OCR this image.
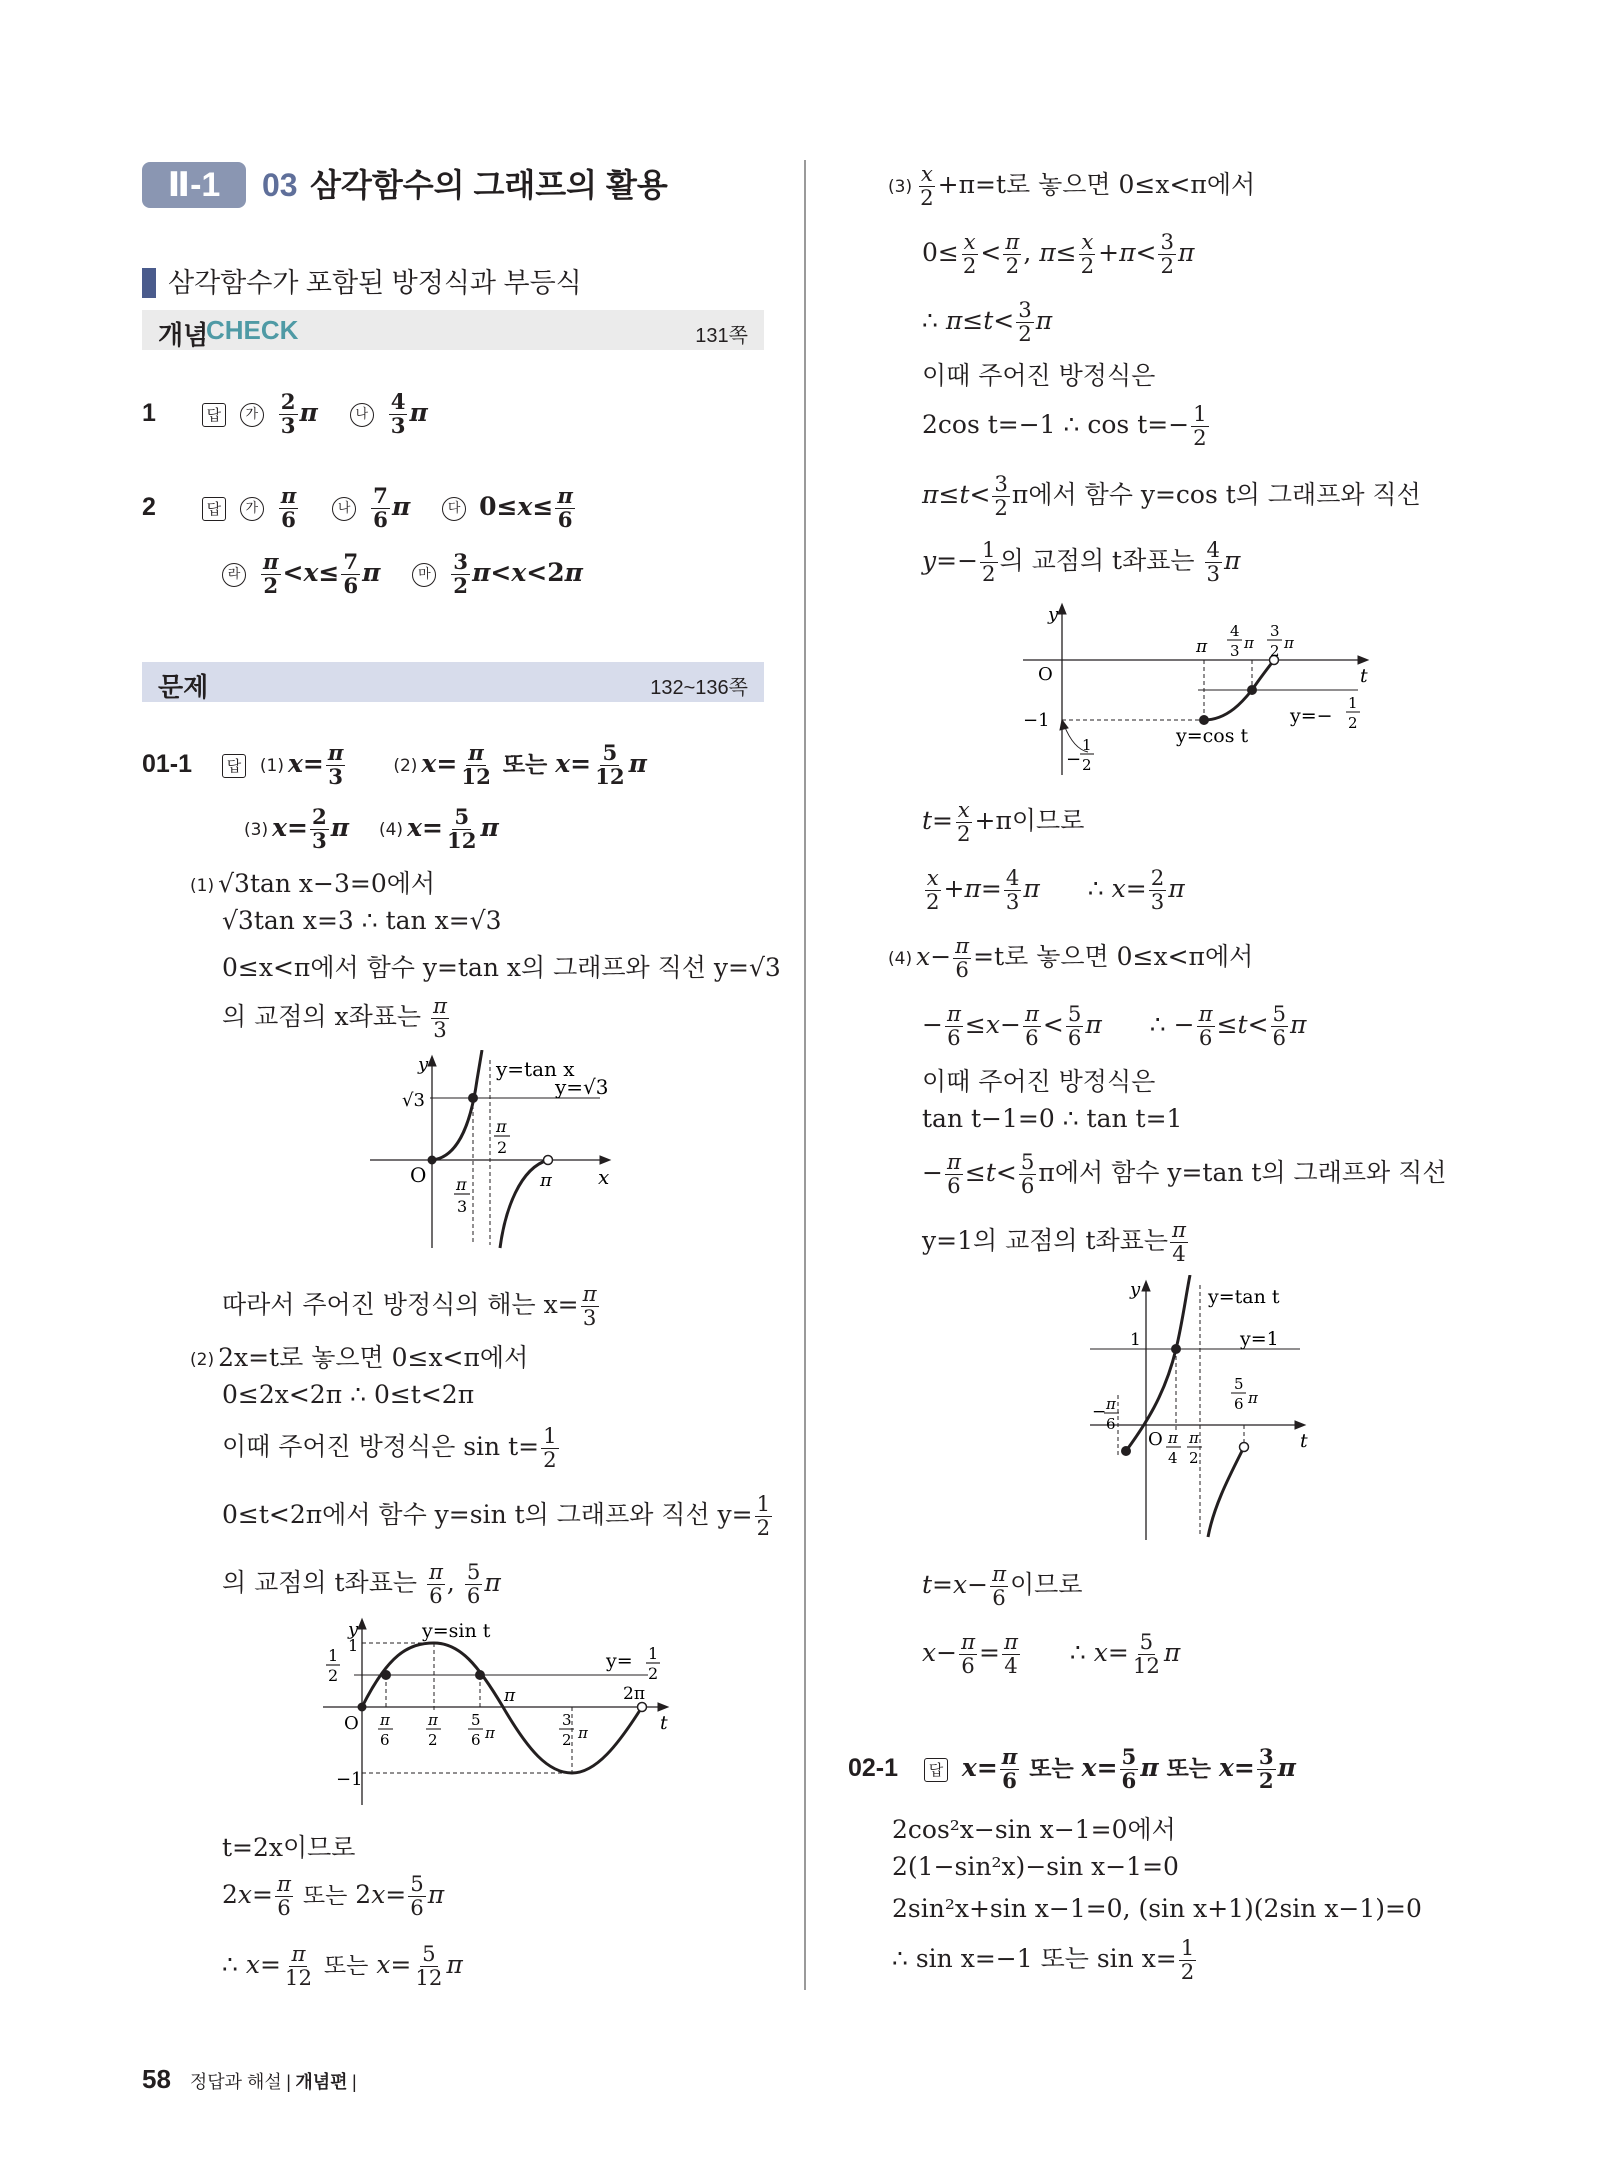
Ⅱ-1	03 삼각함수의 그래프의 활용
삼각함수가 포함된 방정식과 부등식
개념
CHECK	131쪽
1	답 가 $\frac{2}{3}$ π	나 $\frac{4}{3}$ π
2	답 가 $\frac{\pi}{6}$	나 $\frac{7}{6}$ π	다 $0\le x\le \frac{\pi}{6}$
라 $\frac{\pi}{2} <x\le \frac{7}{6}$ π	마 $\frac{3}{2} \pi<x<2\pi$
문제	132~136쪽
01-1 답 (1) $x= \frac{\pi}{3}$	(2) $x= \frac{\pi}{12}$ 또는 $x= \frac{5}{12}$ π
(3) $x= \frac{2}{3}$ π (4) $x= \frac{5}{12}$ π
(1) √3tan x−3=0에서
√3tan x=3 ∴ tan x=√3
0≤x<π에서 함수 y=tan x의 그래프와 직선 y=√3
의 교점의 x좌표는 $\frac{\pi}{3}$
y
√3
O	x
y=tan x
y=√3
π
2
π
3
π
따라서 주어진 방정식의 해는 $x= \frac{\pi}{3}$
(2) 2x=t로 놓으면 0≤x<π에서
0≤2x<2π ∴ 0≤t<2π
이때 주어진 방정식은 $\sin t= \frac{1}{2}$
0≤t<2π에서 함수 y=sin t의 그래프와 직선 $y= \frac{1}{2}$
의 교점의 t좌표는 $\frac{\pi}{6}$ , $\frac{5}{6}$ π
y
1
1
2
O
−1
y=sin t
y= 1
2
t
π
6
π
2
5
6 π
π
3
2 π
2π
t=2x이므로
$2x= \frac{\pi}{6}$ 또는 $2x= \frac{5}{6}$ π
∴ $x= \frac{\pi}{12}$ 또는 $x= \frac{5}{12}$ π
$(3) \frac{x}{2} +\pi=t$로 놓으면 0≤x<π에서
$0\le \frac{x}{2} < \frac{\pi}{2}$ , $\pi\le \frac{x}{2} +\pi< \frac{3}{2}$ π
∴ $\pi\le t< \frac{3}{2}$ π
이때 주어진 방정식은
2cos t=−1 ∴ $\cos t=- \frac{1}{2}$
$\pi\le t< \frac{3}{2}$ π에서 함수 y=cos t의 그래프와 직선
$y=- \frac{1}{2}$ 의 교점의 t좌표는 $\frac{4}{3}$ π
y
O
−1
−
1
2
y=cos t
y=−
1
2
t
π
4
3 π
3
2 π
$t= \frac{x}{2} +\pi$이므로
$\frac{x}{2} +\pi= \frac{4}{3}$ π ∴ $x= \frac{2}{3}$ π
(4) $x- \frac{\pi}{6} =t$로 놓으면 0≤x<π에서
− $\frac{\pi}{6} \le x- \frac{\pi}{6} < \frac{5}{6}$ π ∴ − $\frac{\pi}{6} \le t< \frac{5}{6}$ π
이때 주어진 방정식은
tan t−1=0 ∴ tan t=1
− $\frac{\pi}{6} \le t< \frac{5}{6}$ π에서 함수 y=tan t의 그래프와 직선
y=1의 교점의 t좌표는 $\frac{\pi}{4}$
y
1
− π
6
O
y=tan t
y=1
t
5
6 π
π
4
π
2
$t=x- \frac{\pi}{6}$ 이므로
$x- \frac{\pi}{6} = \frac{\pi}{4}$ ∴ $x= \frac{5}{12}$ π
02-1 답 $x= \frac{\pi}{6}$ 또는 $x= \frac{5}{6}$ π 또는 $x= \frac{3}{2}$ π
2cos²x−sin x−1=0에서
2(1−sin²x)−sin x−1=0
2sin²x+sin x−1=0, (sin x+1)(2sin x−1)=0
∴ sin x=−1 또는 $\sin x= \frac{1}{2}$
58 정답과 해설 | 개념편 |
